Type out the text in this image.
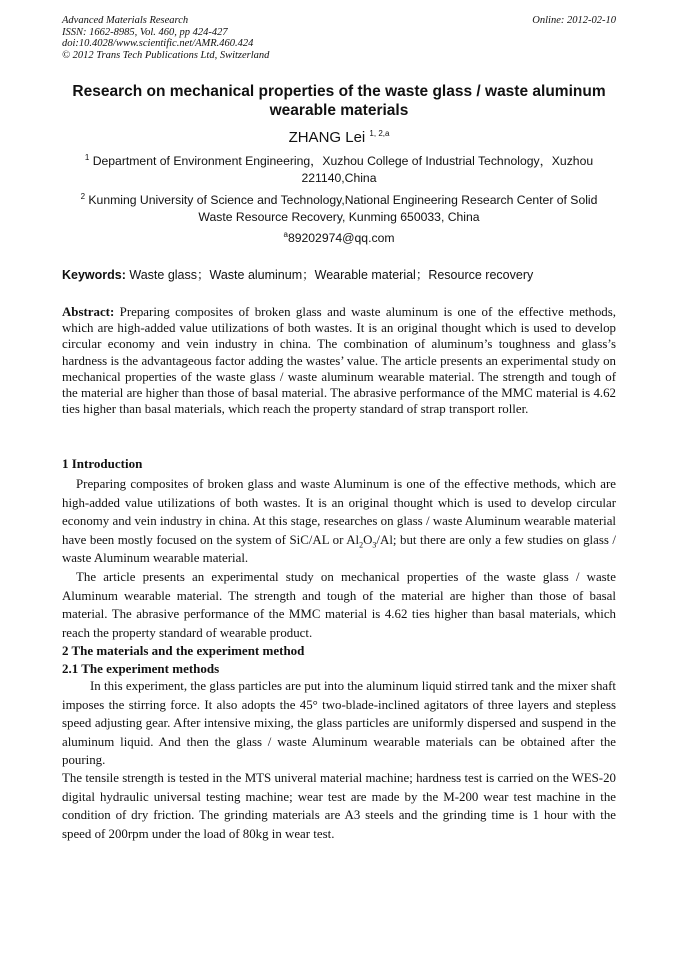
Advanced Materials Research
ISSN: 1662-8985, Vol. 460, pp 424-427
doi:10.4028/www.scientific.net/AMR.460.424
© 2012 Trans Tech Publications Ltd, Switzerland
Online: 2012-02-10
Research on mechanical properties of the waste glass / waste aluminum wearable materials
ZHANG Lei $^{1, 2,a}$
$^1$ Department of Environment Engineering，Xuzhou College of Industrial Technology，Xuzhou 221140,China
$^2$ Kunming University of Science and Technology,National Engineering Research Center of Solid Waste Resource Recovery, Kunming 650033, China
$^a$89202974@qq.com
Keywords: Waste glass；Waste aluminum；Wearable material；Resource recovery
Abstract: Preparing composites of broken glass and waste aluminum is one of the effective methods, which are high-added value utilizations of both wastes. It is an original thought which is used to develop circular economy and vein industry in china. The combination of aluminum’s toughness and glass’s hardness is the advantageous factor adding the wastes’ value. The article presents an experimental study on mechanical properties of the waste glass / waste aluminum wearable material. The strength and tough of the material are higher than those of basal material. The abrasive performance of the MMC material is 4.62 ties higher than basal materials, which reach the property standard of strap transport roller.
1 Introduction
Preparing composites of broken glass and waste Aluminum is one of the effective methods, which are high-added value utilizations of both wastes. It is an original thought which is used to develop circular economy and vein industry in china. At this stage, researches on glass / waste Aluminum wearable material have been mostly focused on the system of SiC/AL or $Al_2O_3/Al$; but there are only a few studies on glass / waste Aluminum wearable material.
The article presents an experimental study on mechanical properties of the waste glass / waste Aluminum wearable material. The strength and tough of the material are higher than those of basal material. The abrasive performance of the MMC material is 4.62 ties higher than basal materials, which reach the property standard of wearable product.
2 The materials and the experiment method
2.1 The experiment methods
In this experiment, the glass particles are put into the aluminum liquid stirred tank and the mixer shaft imposes the stirring force. It also adopts the 45° two-blade-inclined agitators of three layers and stepless speed adjusting gear. After intensive mixing, the glass particles are uniformly dispersed and suspend in the aluminum liquid. And then the glass / waste Aluminum wearable materials can be obtained after the pouring.
The tensile strength is tested in the MTS univeral material machine; hardness test is carried on the WES-20 digital hydraulic universal testing machine; wear test are made by the M-200 wear test machine in the condition of dry friction. The grinding materials are A3 steels and the grinding time is 1 hour with the speed of 200rpm under the load of 80kg in wear test.
